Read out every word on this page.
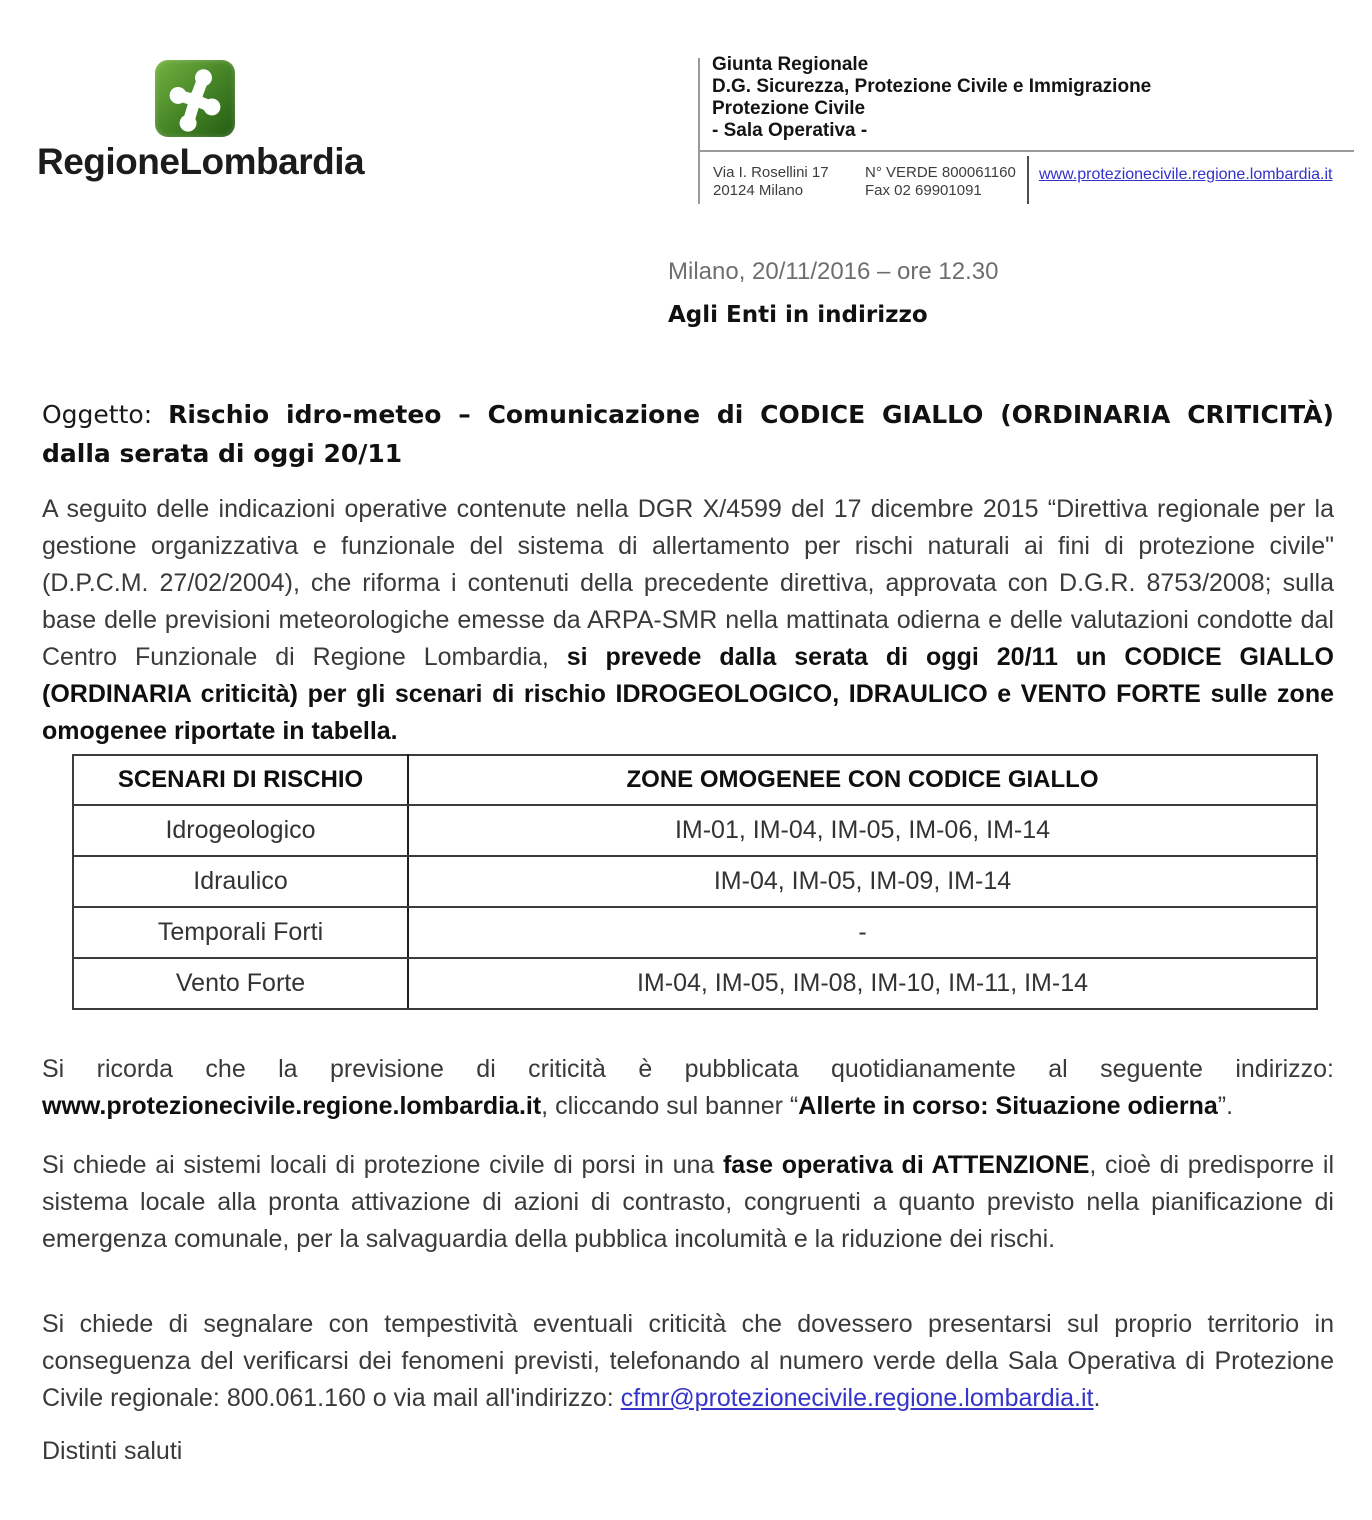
RegioneLombardia
Giunta Regionale
D.G. Sicurezza, Protezione Civile e Immigrazione
Protezione Civile
- Sala Operativa -
Via I. Rosellini 17
20124 Milano
N° VERDE 800061160
Fax 02 69901091
www.protezionecivile.regione.lombardia.it
Milano, 20/11/2016 – ore 12.30
Agli Enti in indirizzo
Oggetto: Rischio idro-meteo – Comunicazione di CODICE GIALLO (ORDINARIA CRITICITÀ) dalla serata di oggi 20/11
A seguito delle indicazioni operative contenute nella DGR X/4599 del 17 dicembre 2015 “Direttiva regionale per la gestione organizzativa e funzionale del sistema di allertamento per rischi naturali ai fini di protezione civile" (D.P.C.M. 27/02/2004), che riforma i contenuti della precedente direttiva, approvata con D.G.R. 8753/2008; sulla base delle previsioni meteorologiche emesse da ARPA-SMR nella mattinata odierna e delle valutazioni condotte dal Centro Funzionale di Regione Lombardia, si prevede dalla serata di oggi 20/11 un CODICE GIALLO (ORDINARIA criticità) per gli scenari di rischio IDROGEOLOGICO, IDRAULICO e VENTO FORTE sulle zone omogenee riportate in tabella.
SCENARI DI RISCHIO	ZONE OMOGENEE CON CODICE GIALLO
Idrogeologico	IM-01, IM-04, IM-05, IM-06, IM-14
Idraulico	IM-04, IM-05, IM-09, IM-14
Temporali Forti	-
Vento Forte	IM-04, IM-05, IM-08, IM-10, IM-11, IM-14
Si ricorda che la previsione di criticità è pubblicata quotidianamente al seguente indirizzo: www.protezionecivile.regione.lombardia.it, cliccando sul banner “Allerte in corso: Situazione odierna”.
Si chiede ai sistemi locali di protezione civile di porsi in una fase operativa di ATTENZIONE, cioè di predisporre il sistema locale alla pronta attivazione di azioni di contrasto, congruenti a quanto previsto nella pianificazione di emergenza comunale, per la salvaguardia della pubblica incolumità e la riduzione dei rischi.
Si chiede di segnalare con tempestività eventuali criticità che dovessero presentarsi sul proprio territorio in conseguenza del verificarsi dei fenomeni previsti, telefonando al numero verde della Sala Operativa di Protezione Civile regionale: 800.061.160 o via mail all'indirizzo: cfmr@protezionecivile.regione.lombardia.it.
Distinti saluti
